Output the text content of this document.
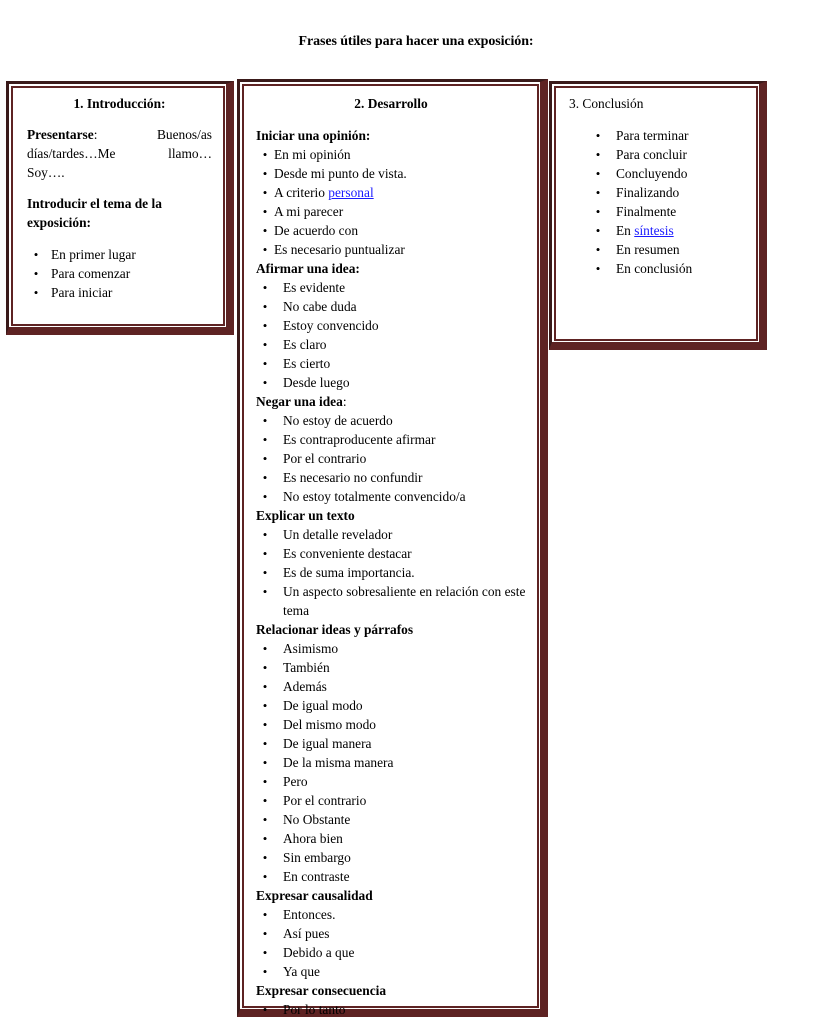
Frases útiles para hacer una exposición:
1. Introducción:
Presentarse:	Buenos/as
días/tardes…Me	llamo…
Soy….
Introducir el tema de la exposición:
• En primer lugar
• Para comenzar
• Para iniciar
2. Desarrollo
Iniciar una opinión:
• En mi opinión
• Desde mi punto de vista.
• A criterio personal
• A mi parecer
• De acuerdo con
• Es necesario puntualizar
Afirmar una idea:
•	Es evidente
•	No cabe duda
•	Estoy convencido
•	Es claro
•	Es cierto
•	Desde luego
Negar una idea:
•	No estoy de acuerdo
•	Es contraproducente afirmar
•	Por el contrario
•	Es necesario no confundir
•	No estoy totalmente convencido/a
Explicar un texto
•	Un detalle revelador
•	Es conveniente destacar
•	Es de suma importancia.
•	Un aspecto sobresaliente en relación con este tema
Relacionar ideas y párrafos
•	Asimismo
•	También
•	Además
•	De igual modo
•	Del mismo modo
•	De igual manera
•	De la misma manera
•	Pero
•	Por el contrario
•	No Obstante
•	Ahora bien
•	Sin embargo
•	En contraste
Expresar causalidad
•	Entonces.
•	Así pues
•	Debido a que
•	Ya que
Expresar consecuencia
•	Por lo tanto
3. Conclusión
•	Para terminar
•	Para concluir
•	Concluyendo
•	Finalizando
•	Finalmente
•	En síntesis
•	En resumen
•	En conclusión
